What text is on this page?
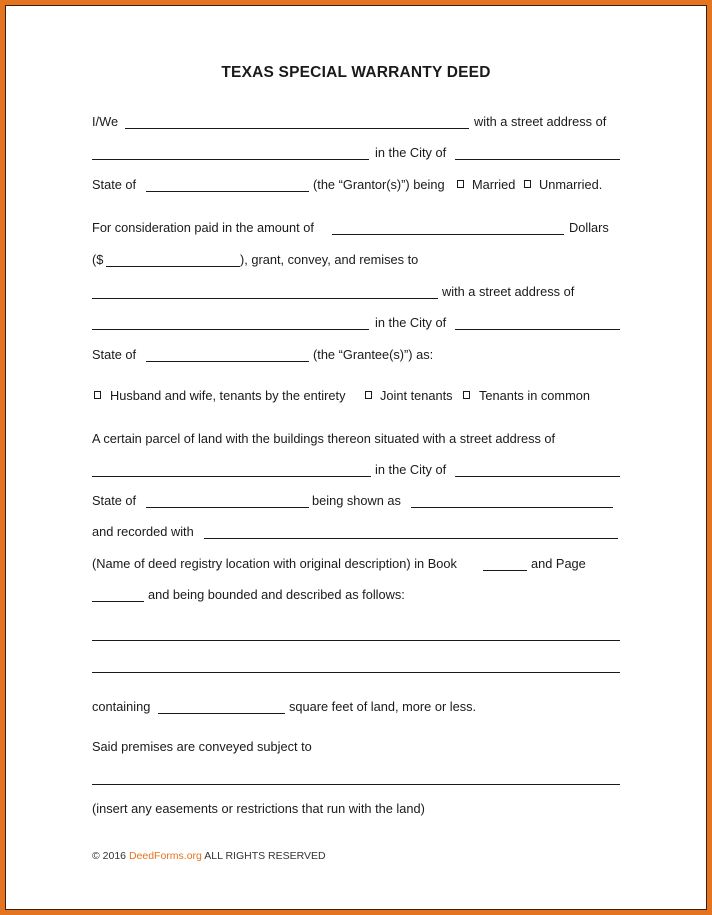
TEXAS SPECIAL WARRANTY DEED
I/We	with a street address of
in the City of
State of	(the “Grantor(s)”) being Married Unmarried.
For consideration paid in the amount of	Dollars
($	), grant, convey, and remises to
with a street address of
in the City of
State of	(the “Grantee(s)”) as:
Husband and wife, tenants by the entirety	Joint tenants Tenants in common
A certain parcel of land with the buildings thereon situated with a street address of
in the City of
State of	being shown as
and recorded with
(Name of deed registry location with original description) in Book	and Page
and being bounded and described as follows:
containing	square feet of land, more or less.
Said premises are conveyed subject to
(insert any easements or restrictions that run with the land)
© 2016 DeedForms.org ALL RIGHTS RESERVED
